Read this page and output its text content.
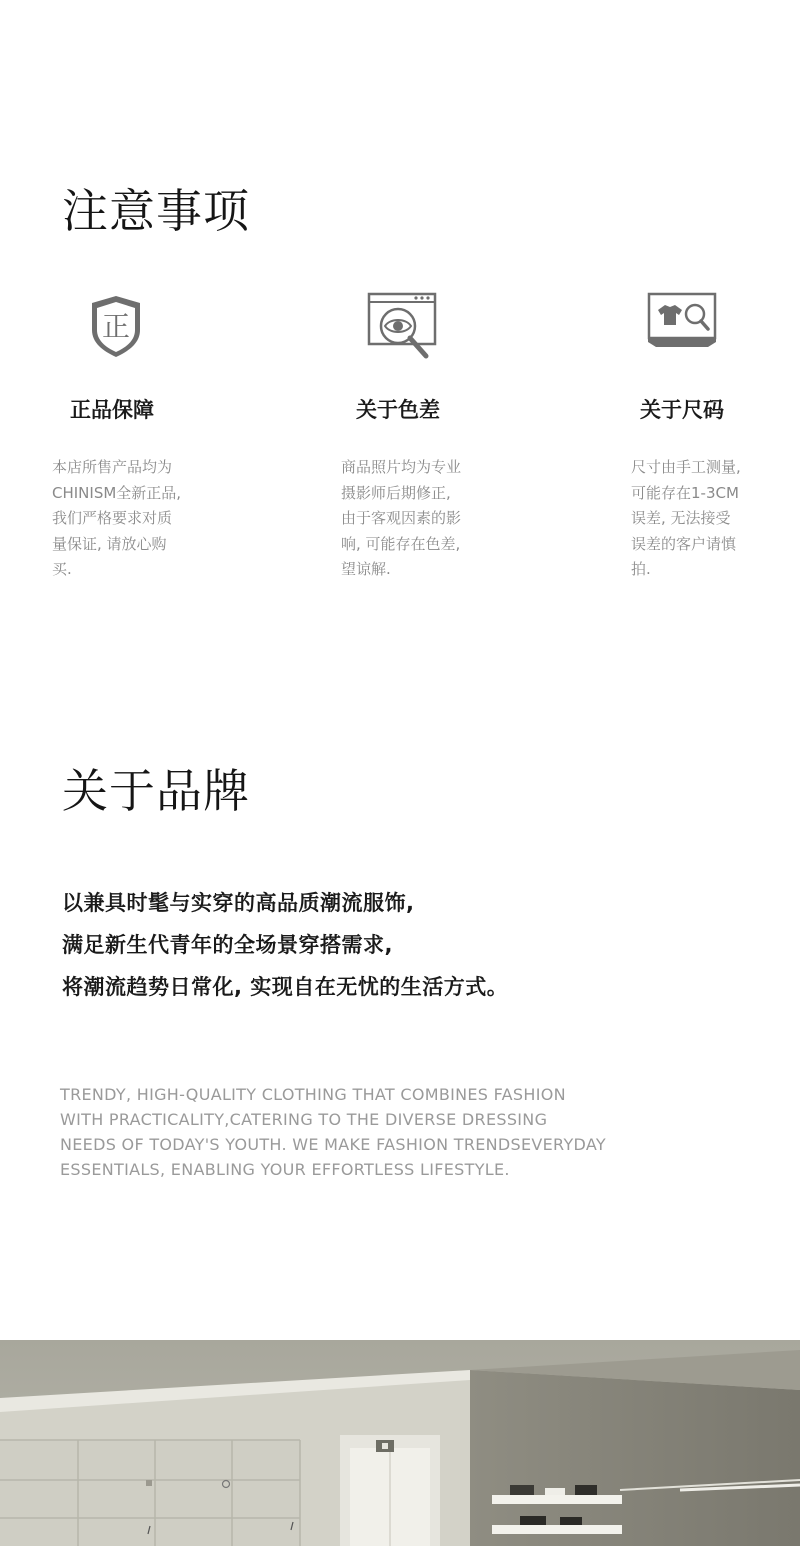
注意事项
正
正品保障
本店所售产品均为
CHINISM全新正品,
我们严格要求对质
量保证, 请放心购
买.
关于色差
商品照片均为专业
摄影师后期修正,
由于客观因素的影
响, 可能存在色差,
望谅解.
关于尺码
尺寸由手工测量,
可能存在1-3CM
误差, 无法接受
误差的客户请慎
拍.
关于品牌
以兼具时髦与实穿的高品质潮流服饰,
满足新生代青年的全场景穿搭需求,
将潮流趋势日常化, 实现自在无忧的生活方式。
TRENDY, HIGH-QUALITY CLOTHING THAT COMBINES FASHION
WITH PRACTICALITY,CATERING TO THE DIVERSE DRESSING
NEEDS OF TODAY'S YOUTH. WE MAKE FASHION TRENDSEVERYDAY
ESSENTIALS, ENABLING YOUR EFFORTLESS LIFESTYLE.
